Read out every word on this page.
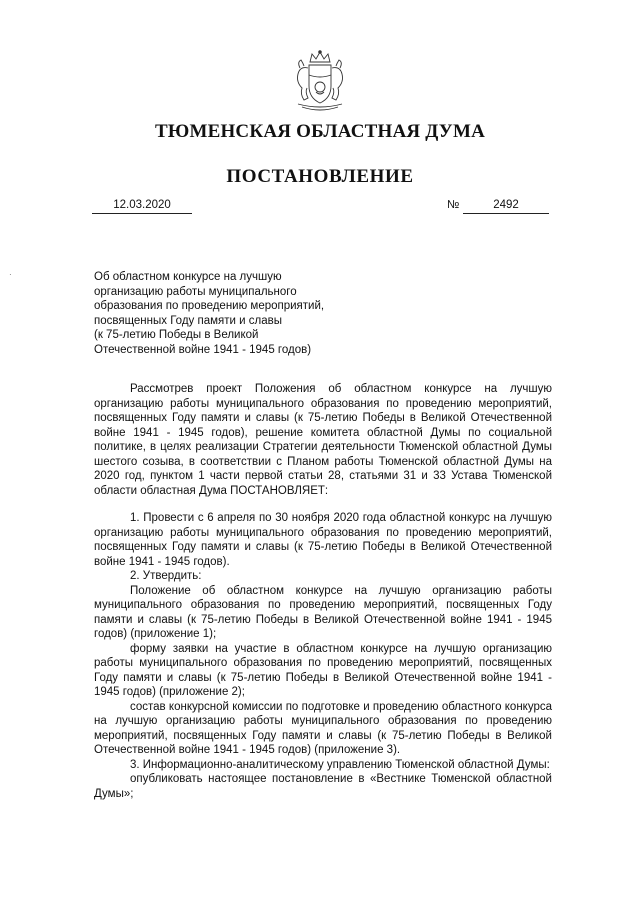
ТЮМЕНСКАЯ ОБЛАСТНАЯ ДУМА
ПОСТАНОВЛЕНИЕ
12.03.2020	№	2492
·	Об областном конкурсе на лучшую
организацию работы муниципального
образования по проведению мероприятий,
посвященных Году памяти и славы
(к 75-летию Победы в Великой
Отечественной войне 1941 - 1945 годов)

Рассмотрев проект Положения об областном конкурсе на лучшую организацию работы муниципального образования по проведению мероприятий, посвященных Году памяти и славы (к 75-летию Победы в Великой Отечественной войне 1941 - 1945 годов), решение комитета областной Думы по социальной политике, в целях реализации Стратегии деятельности Тюменской областной Думы шестого созыва, в соответствии с Планом работы Тюменской областной Думы на 2020 год, пунктом 1 части первой статьи 28, статьями 31 и 33 Устава Тюменской области областная Дума ПОСТАНОВЛЯЕТ:

1. Провести с 6 апреля по 30 ноября 2020 года областной конкурс на лучшую организацию работы муниципального образования по проведению мероприятий, посвященных Году памяти и славы (к 75-летию Победы в Великой Отечественной войне 1941 - 1945 годов).

2. Утвердить:

Положение об областном конкурсе на лучшую организацию работы муниципального образования по проведению мероприятий, посвященных Году памяти и славы (к 75-летию Победы в Великой Отечественной войне 1941 - 1945 годов) (приложение 1);

форму заявки на участие в областном конкурсе на лучшую организацию работы муниципального образования по проведению мероприятий, посвященных Году памяти и славы (к 75-летию Победы в Великой Отечественной войне 1941 - 1945 годов) (приложение 2);

состав конкурсной комиссии по подготовке и проведению областного конкурса на лучшую организацию работы муниципального образования по проведению мероприятий, посвященных Году памяти и славы (к 75-летию Победы в Великой Отечественной войне 1941 - 1945 годов) (приложение 3).

3. Информационно-аналитическому управлению Тюменской областной Думы:

опубликовать настоящее постановление в «Вестнике Тюменской областной Думы»;
